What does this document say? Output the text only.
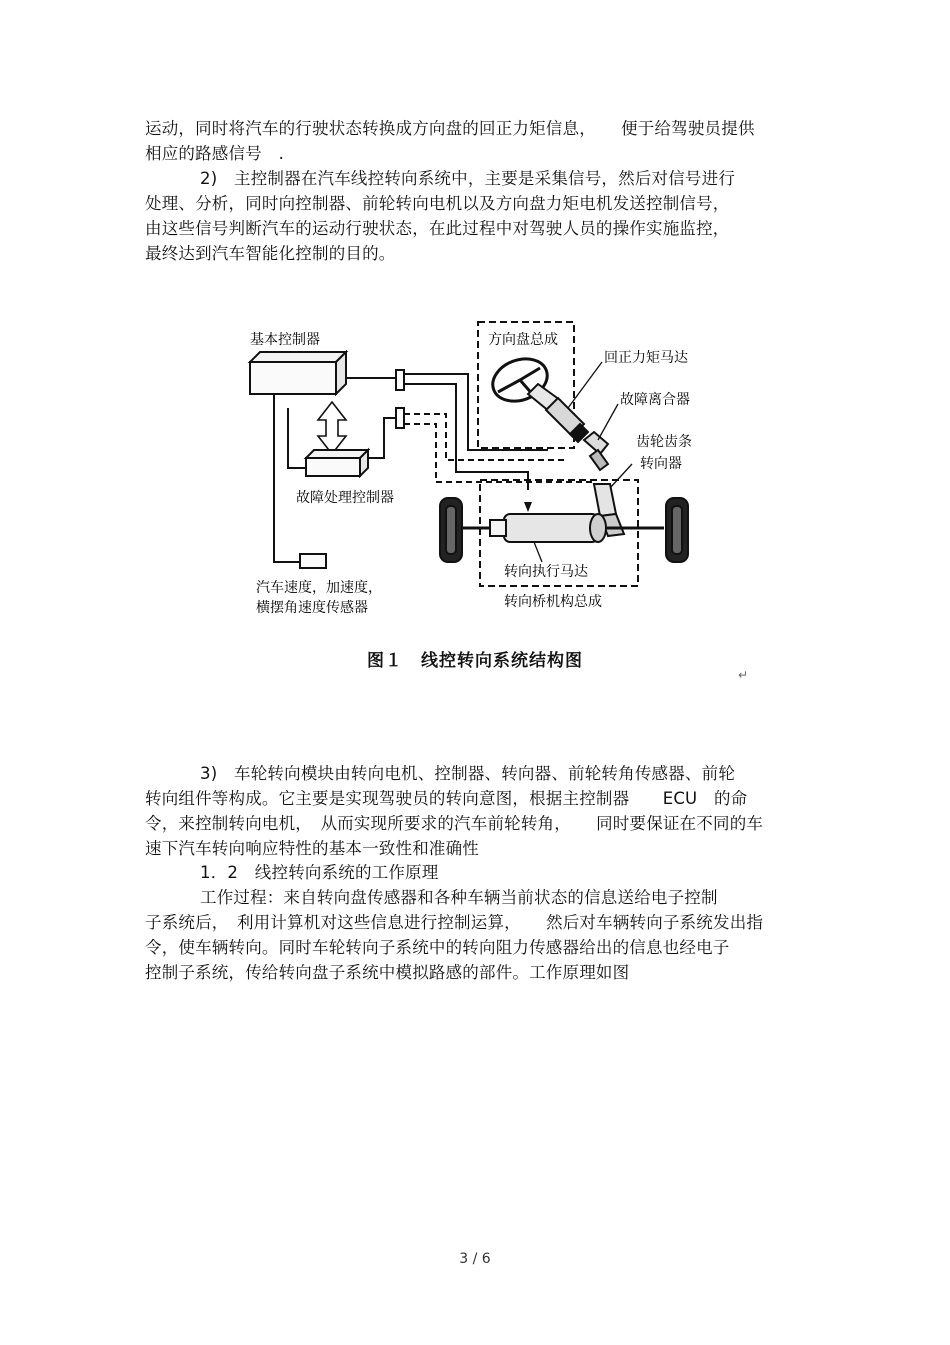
运动，同时将汽车的行驶状态转换成方向盘的回正力矩信息，　　便于给驾驶员提供
相应的路感信号　.
2)　主控制器在汽车线控转向系统中，主要是采集信号，然后对信号进行
处理、分析，同时向控制器、前轮转向电机以及方向盘力矩电机发送控制信号，
由这些信号判断汽车的运动行驶状态，在此过程中对驾驶人员的操作实施监控，
最终达到汽车智能化控制的目的。
基本控制器
故障处理控制器
汽车速度，加速度，
横摆角速度传感器
方向盘总成
回正力矩马达
故障离合器
齿轮齿条
转向器
转向桥机构总成
转向执行马达
图１　线控转向系统结构图
↵
3)　车轮转向模块由转向电机、控制器、转向器、前轮转角传感器、前轮
转向组件等构成。它主要是实现驾驶员的转向意图，根据主控制器　　ECU　的命
令，来控制转向电机，　从而实现所要求的汽车前轮转角，　　同时要保证在不同的车
速下汽车转向响应特性的基本一致性和准确性
1．2　线控转向系统的工作原理
工作过程：来自转向盘传感器和各种车辆当前状态的信息送给电子控制
子系统后，　利用计算机对这些信息进行控制运算，　　然后对车辆转向子系统发出指
令，使车辆转向。同时车轮转向子系统中的转向阻力传感器给出的信息也经电子
控制子系统，传给转向盘子系统中模拟路感的部件。工作原理如图
3 / 6
